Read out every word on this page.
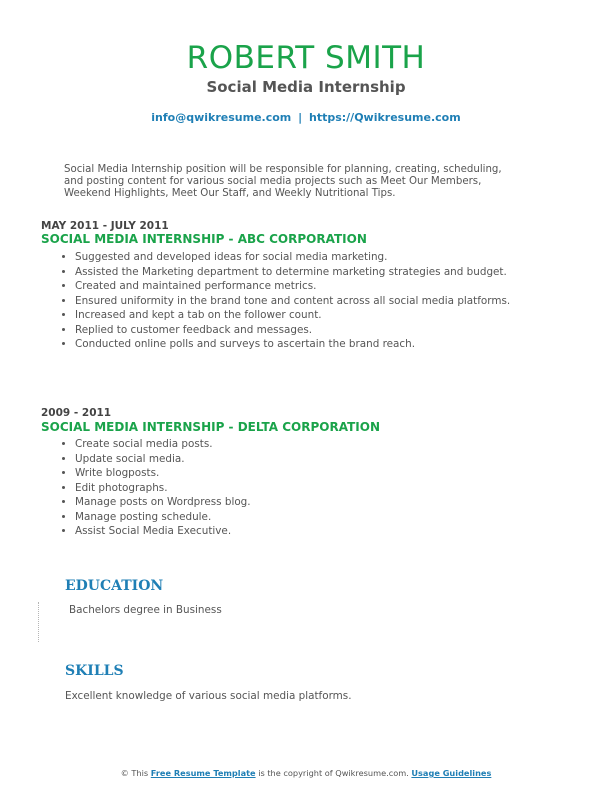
ROBERT SMITH
Social Media Internship
info@qwikresume.com | https://Qwikresume.com
Social Media Internship position will be responsible for planning, creating, scheduling, and posting content for various social media projects such as Meet Our Members, Weekend Highlights, Meet Our Staff, and Weekly Nutritional Tips.
MAY 2011 - JULY 2011
SOCIAL MEDIA INTERNSHIP - ABC CORPORATION
• Suggested and developed ideas for social media marketing.
• Assisted the Marketing department to determine marketing strategies and budget.
• Created and maintained performance metrics.
• Ensured uniformity in the brand tone and content across all social media platforms.
• Increased and kept a tab on the follower count.
• Replied to customer feedback and messages.
• Conducted online polls and surveys to ascertain the brand reach.
2009 - 2011
SOCIAL MEDIA INTERNSHIP - DELTA CORPORATION
• Create social media posts.
• Update social media.
• Write blogposts.
• Edit photographs.
• Manage posts on Wordpress blog.
• Manage posting schedule.
• Assist Social Media Executive.
EDUCATION
Bachelors degree in Business
SKILLS
Excellent knowledge of various social media platforms.
© This Free Resume Template is the copyright of Qwikresume.com. Usage Guidelines
